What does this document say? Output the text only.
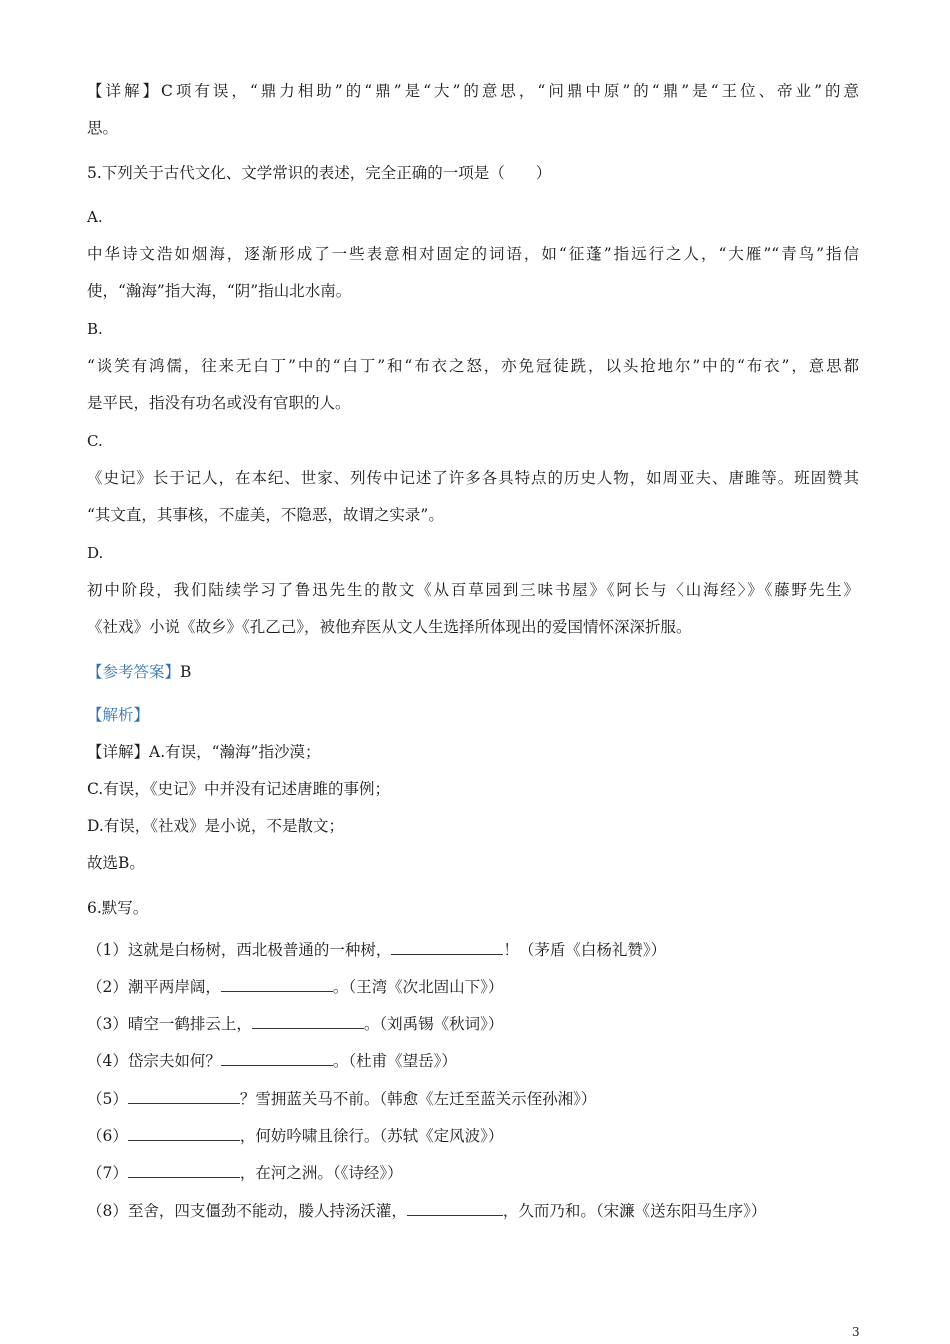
【详解】C项有误，“鼎力相助”的“鼎”是“大”的意思，“问鼎中原”的“鼎”是“王位、帝业”的意
思。
5.下列关于古代文化、文学常识的表述，完全正确的一项是（　　）
A.
中华诗文浩如烟海，逐渐形成了一些表意相对固定的词语，如“征蓬”指远行之人，“大雁”“青鸟”指信
使，“瀚海”指大海，“阴”指山北水南。
B.
“谈笑有鸿儒，往来无白丁”中的“白丁”和“布衣之怒，亦免冠徒跣，以头抢地尔”中的“布衣”，意思都
是平民，指没有功名或没有官职的人。
C.
《史记》长于记人，在本纪、世家、列传中记述了许多各具特点的历史人物，如周亚夫、唐雎等。班固赞其
“其文直，其事核，不虚美，不隐恶，故谓之实录”。
D.
初中阶段，我们陆续学习了鲁迅先生的散文《从百草园到三味书屋》《阿长与〈山海经〉》《藤野先生》
《社戏》小说《故乡》《孔乙己》，被他弃医从文人生选择所体现出的爱国情怀深深折服。
【参考答案】B
【解析】
【详解】A.有误，“瀚海”指沙漠；
C.有误，《史记》中并没有记述唐雎的事例；
D.有误，《社戏》是小说，不是散文；
故选B。
6.默写。
（1）这就是白杨树，西北极普通的一种树，	！（茅盾《白杨礼赞》）
（2）潮平两岸阔，	。（王湾《次北固山下》）
（3）晴空一鹤排云上，	。（刘禹锡《秋词》）
（4）岱宗夫如何？	。（杜甫《望岳》）
（5）	？雪拥蓝关马不前。（韩愈《左迁至蓝关示侄孙湘》）
（6）	，何妨吟啸且徐行。（苏轼《定风波》）
（7）	，在河之洲。（《诗经》）
（8）至舍，四支僵劲不能动，媵人持汤沃灌，	，久而乃和。（宋濂《送东阳马生序》）
3
